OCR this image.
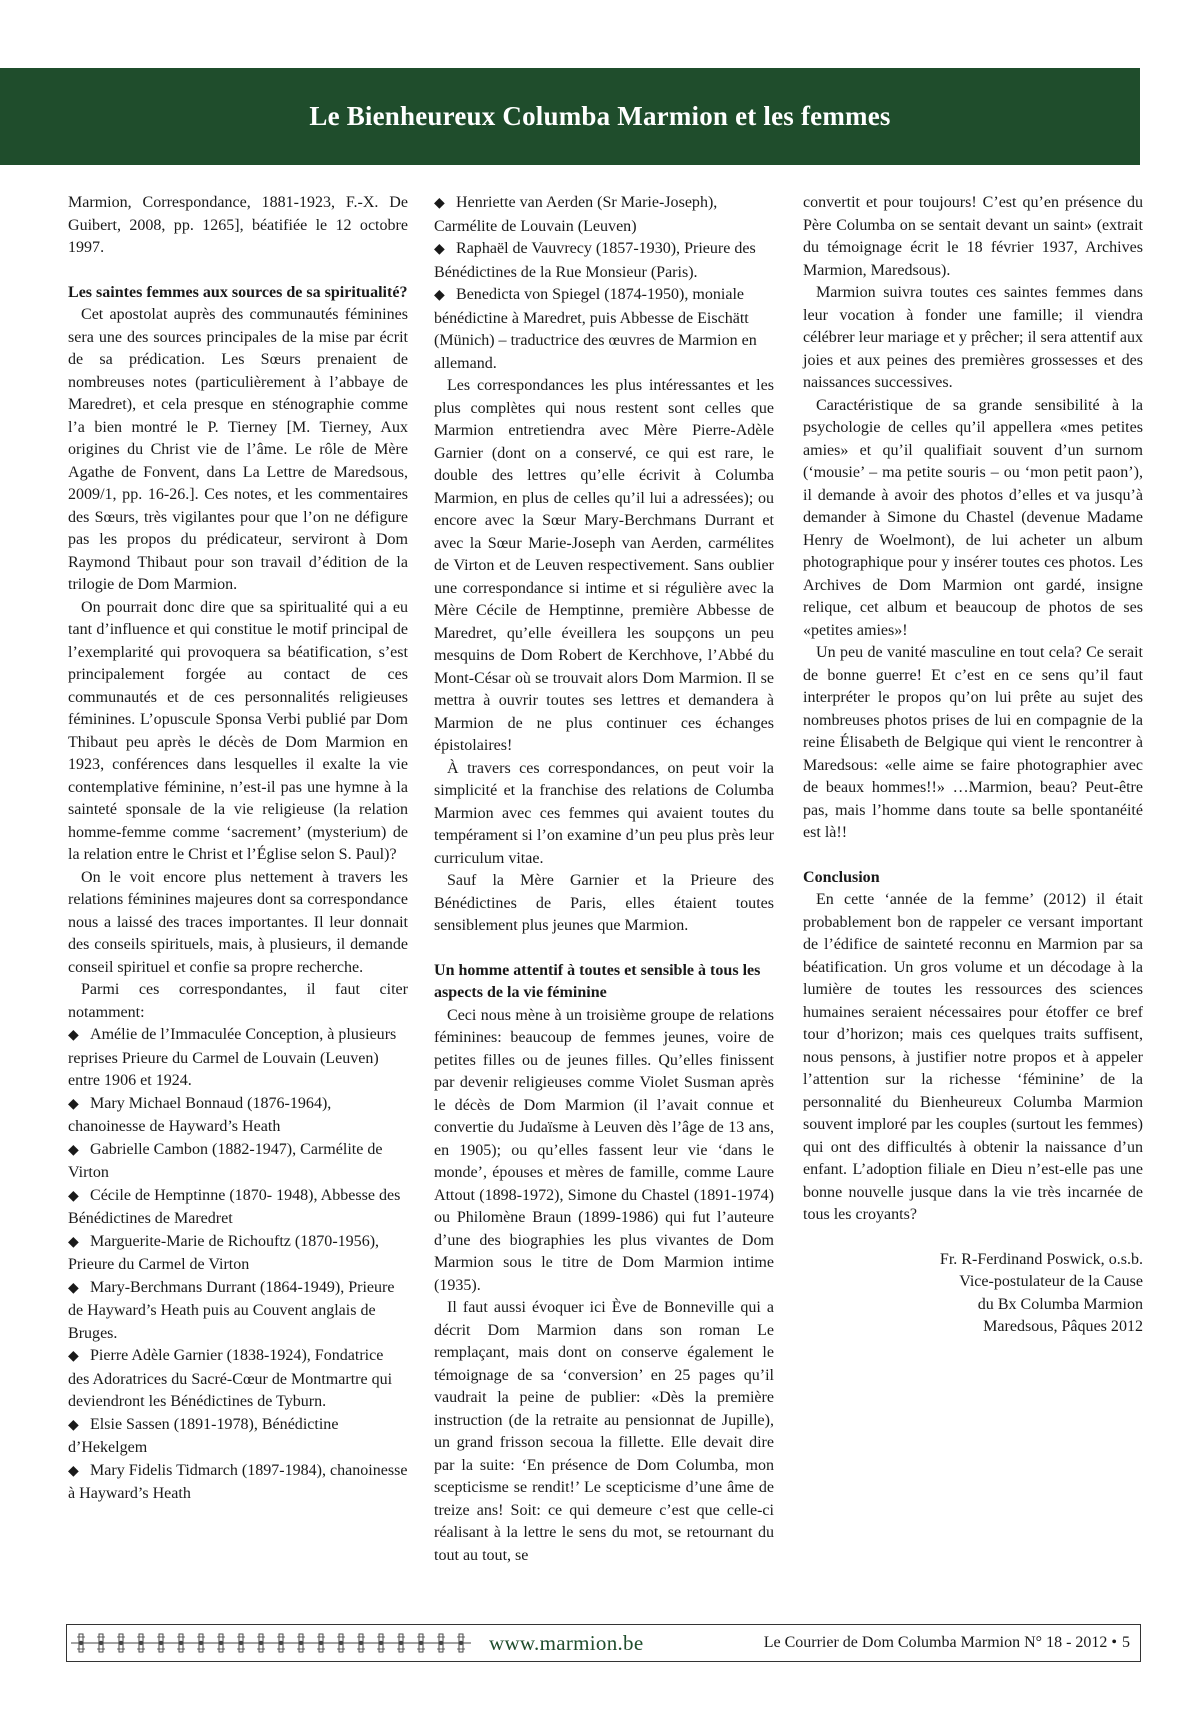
Le Bienheureux Columba Marmion et les femmes

Marmion, Correspondance, 1881-1923, F.-X. De Guibert, 2008, pp. 1265], béatifiée le 12 octobre 1997.

Les saintes femmes aux sources de sa spiritualité?

Cet apostolat auprès des communautés féminines sera une des sources principales de la mise par écrit de sa prédication. Les Sœurs prenaient de nombreuses notes (particulièrement à l’abbaye de Maredret), et cela presque en sténographie comme l’a bien montré le P. Tierney [M. Tierney, Aux origines du Christ vie de l’âme. Le rôle de Mère Agathe de Fonvent, dans La Lettre de Maredsous, 2009/1, pp. 16-26.]. Ces notes, et les commentaires des Sœurs, très vigilantes pour que l’on ne défigure pas les propos du prédicateur, serviront à Dom Raymond Thibaut pour son travail d’édition de la trilogie de Dom Marmion.

On pourrait donc dire que sa spiritualité qui a eu tant d’influence et qui constitue le motif principal de l’exemplarité qui provoquera sa béatification, s’est principalement forgée au contact de ces communautés et de ces personnalités religieuses féminines. L’opuscule Sponsa Verbi publié par Dom Thibaut peu après le décès de Dom Marmion en 1923, conférences dans lesquelles il exalte la vie contemplative féminine, n’est-il pas une hymne à la sainteté sponsale de la vie religieuse (la relation homme-femme comme ‘sacrement’ (mysterium) de la relation entre le Christ et l’Église selon S. Paul)?

On le voit encore plus nettement à travers les relations féminines majeures dont sa correspondance nous a laissé des traces importantes. Il leur donnait des conseils spirituels, mais, à plusieurs, il demande conseil spirituel et confie sa propre recherche.

Parmi ces correspondantes, il faut citer notamment:

◆ Amélie de l’Immaculée Conception, à plusieurs reprises Prieure du Carmel de Louvain (Leuven) entre 1906 et 1924.
◆ Mary Michael Bonnaud (1876-1964), chanoinesse de Hayward’s Heath
◆ Gabrielle Cambon (1882-1947), Carmélite de Virton
◆ Cécile de Hemptinne (1870- 1948), Abbesse des Bénédictines de Maredret
◆ Marguerite-Marie de Richouftz (1870-1956), Prieure du Carmel de Virton
◆ Mary-Berchmans Durrant (1864-1949), Prieure de Hayward’s Heath puis au Couvent anglais de Bruges.
◆ Pierre Adèle Garnier (1838-1924), Fondatrice des Adoratrices du Sacré-Cœur de Montmartre qui deviendront les Bénédictines de Tyburn.
◆ Elsie Sassen (1891-1978), Bénédictine d’Hekelgem
◆ Mary Fidelis Tidmarch (1897-1984), chanoinesse à Hayward’s Heath
◆ Henriette van Aerden (Sr Marie-Joseph), Carmélite de Louvain (Leuven)
◆ Raphaël de Vauvrecy (1857-1930), Prieure des Bénédictines de la Rue Monsieur (Paris).
◆ Benedicta von Spiegel (1874-1950), moniale bénédictine à Maredret, puis Abbesse de Eischätt (Münich) – traductrice des œuvres de Marmion en allemand.

Les correspondances les plus intéressantes et les plus complètes qui nous restent sont celles que Marmion entretiendra avec Mère Pierre-Adèle Garnier (dont on a conservé, ce qui est rare, le double des lettres qu’elle écrivit à Columba Marmion, en plus de celles qu’il lui a adressées); ou encore avec la Sœur Mary-Berchmans Durrant et avec la Sœur Marie-Joseph van Aerden, carmélites de Virton et de Leuven respectivement. Sans oublier une correspondance si intime et si régulière avec la Mère Cécile de Hemptinne, première Abbesse de Maredret, qu’elle éveillera les soupçons un peu mesquins de Dom Robert de Kerchhove, l’Abbé du Mont-César où se trouvait alors Dom Marmion. Il se mettra à ouvrir toutes ses lettres et demandera à Marmion de ne plus continuer ces échanges épistolaires!

À travers ces correspondances, on peut voir la simplicité et la franchise des relations de Columba Marmion avec ces femmes qui avaient toutes du tempérament si l’on examine d’un peu plus près leur curriculum vitae.

Sauf la Mère Garnier et la Prieure des Bénédictines de Paris, elles étaient toutes sensiblement plus jeunes que Marmion.

Un homme attentif à toutes et sensible à tous les aspects de la vie féminine

Ceci nous mène à un troisième groupe de relations féminines: beaucoup de femmes jeunes, voire de petites filles ou de jeunes filles. Qu’elles finissent par devenir religieuses comme Violet Susman après le décès de Dom Marmion (il l’avait connue et convertie du Judaïsme à Leuven dès l’âge de 13 ans, en 1905); ou qu’elles fassent leur vie ‘dans le monde’, épouses et mères de famille, comme Laure Attout (1898-1972), Simone du Chastel (1891-1974) ou Philomène Braun (1899-1986) qui fut l’auteure d’une des biographies les plus vivantes de Dom Marmion sous le titre de Dom Marmion intime (1935).

Il faut aussi évoquer ici Ève de Bonneville qui a décrit Dom Marmion dans son roman Le remplaçant, mais dont on conserve également le témoignage de sa ‘conversion’ en 25 pages qu’il vaudrait la peine de publier: «Dès la première instruction (de la retraite au pensionnat de Jupille), un grand frisson secoua la fillette. Elle devait dire par la suite: ‘En présence de Dom Columba, mon scepticisme se rendit!’ Le scepticisme d’une âme de treize ans! Soit: ce qui demeure c’est que celle-ci réalisant à la lettre le sens du mot, se retournant du tout au tout, se

convertit et pour toujours! C’est qu’en présence du Père Columba on se sentait devant un saint» (extrait du témoignage écrit le 18 février 1937, Archives Marmion, Maredsous).

Marmion suivra toutes ces saintes femmes dans leur vocation à fonder une famille; il viendra célébrer leur mariage et y prêcher; il sera attentif aux joies et aux peines des premières grossesses et des naissances successives.

Caractéristique de sa grande sensibilité à la psychologie de celles qu’il appellera «mes petites amies» et qu’il qualifiait souvent d’un surnom (‘mousie’ – ma petite souris – ou ‘mon petit paon’), il demande à avoir des photos d’elles et va jusqu’à demander à Simone du Chastel (devenue Madame Henry de Woelmont), de lui acheter un album photographique pour y insérer toutes ces photos. Les Archives de Dom Marmion ont gardé, insigne relique, cet album et beaucoup de photos de ses «petites amies»!

Un peu de vanité masculine en tout cela? Ce serait de bonne guerre! Et c’est en ce sens qu’il faut interpréter le propos qu’on lui prête au sujet des nombreuses photos prises de lui en compagnie de la reine Élisabeth de Belgique qui vient le rencontrer à Maredsous: «elle aime se faire photographier avec de beaux hommes!!» …Marmion, beau? Peut-être pas, mais l’homme dans toute sa belle spontanéité est là!!

Conclusion

En cette ‘année de la femme’ (2012) il était probablement bon de rappeler ce versant important de l’édifice de sainteté reconnu en Marmion par sa béatification. Un gros volume et un décodage à la lumière de toutes les ressources des sciences humaines seraient nécessaires pour étoffer ce bref tour d’horizon; mais ces quelques traits suffisent, nous pensons, à justifier notre propos et à appeler l’attention sur la richesse ‘féminine’ de la personnalité du Bienheureux Columba Marmion souvent imploré par les couples (surtout les femmes) qui ont des difficultés à obtenir la naissance d’un enfant. L’adoption filiale en Dieu n’est-elle pas une bonne nouvelle jusque dans la vie très incarnée de tous les croyants?

Fr. R-Ferdinand Poswick, o.s.b.
Vice-postulateur de la Cause
du Bx Columba Marmion
Maredsous, Pâques 2012
www.marmion.be	Le Courrier de Dom Columba Marmion N° 18 - 2012 • 5
